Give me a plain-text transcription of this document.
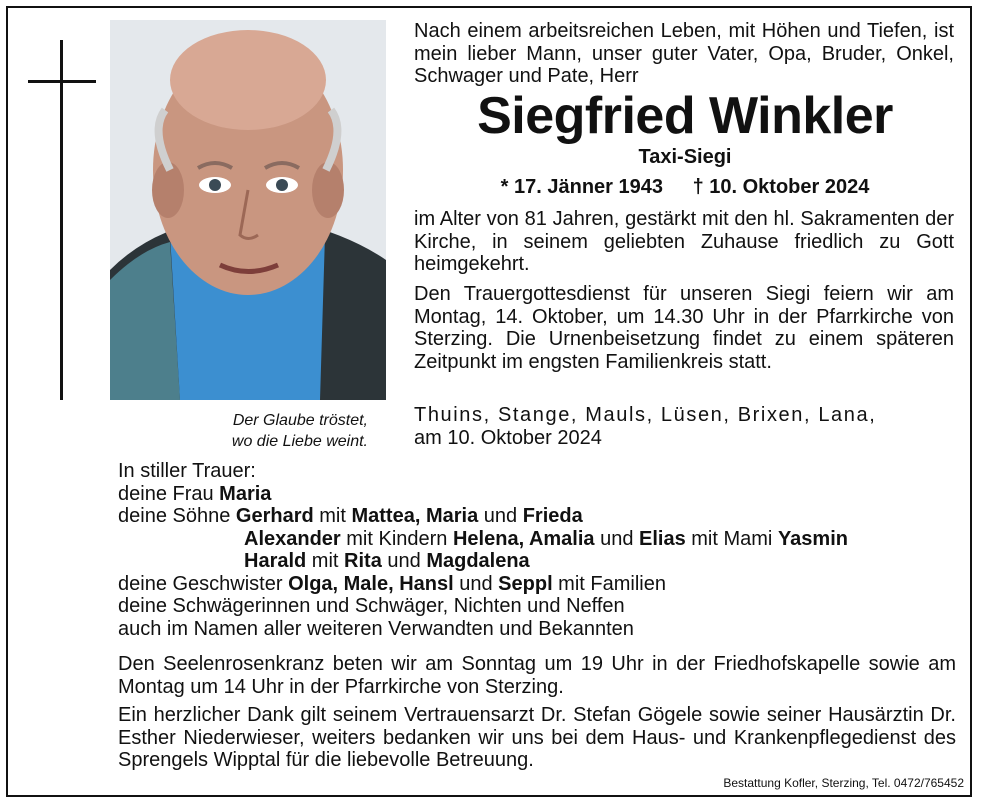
Der Glaube tröstet,
wo die Liebe weint.
Nach einem arbeitsreichen Leben, mit Höhen und Tiefen, ist mein lieber Mann, unser guter Vater, Opa, Bruder, Onkel, Schwager und Pate, Herr
Siegfried Winkler
Taxi-Siegi
* 17. Jänner 1943 † 10. Oktober 2024
im Alter von 81 Jahren, gestärkt mit den hl. Sakramenten der Kirche, in seinem geliebten Zuhause friedlich zu Gott heimgekehrt.
Den Trauergottesdienst für unseren Siegi feiern wir am Montag, 14. Oktober, um 14.30 Uhr in der Pfarrkirche von Sterzing. Die Urnenbeisetzung findet zu einem späteren Zeitpunkt im engsten Familienkreis statt.
Thuins, Stange, Mauls, Lüsen, Brixen, Lana,
am 10. Oktober 2024
In stiller Trauer:
deine Frau Maria
deine Söhne Gerhard mit Mattea, Maria und Frieda
Alexander mit Kindern Helena, Amalia und Elias mit Mami Yasmin
Harald mit Rita und Magdalena
deine Geschwister Olga, Male, Hansl und Seppl mit Familien
deine Schwägerinnen und Schwäger, Nichten und Neffen
auch im Namen aller weiteren Verwandten und Bekannten
Den Seelenrosenkranz beten wir am Sonntag um 19 Uhr in der Friedhofskapelle sowie am Montag um 14 Uhr in der Pfarrkirche von Sterzing.
Ein herzlicher Dank gilt seinem Vertrauensarzt Dr. Stefan Gögele sowie seiner Hausärztin Dr. Esther Niederwieser, weiters bedanken wir uns bei dem Haus- und Krankenpflegedienst des Sprengels Wipptal für die liebevolle Betreuung.
Bestattung Kofler, Sterzing, Tel. 0472/765452
